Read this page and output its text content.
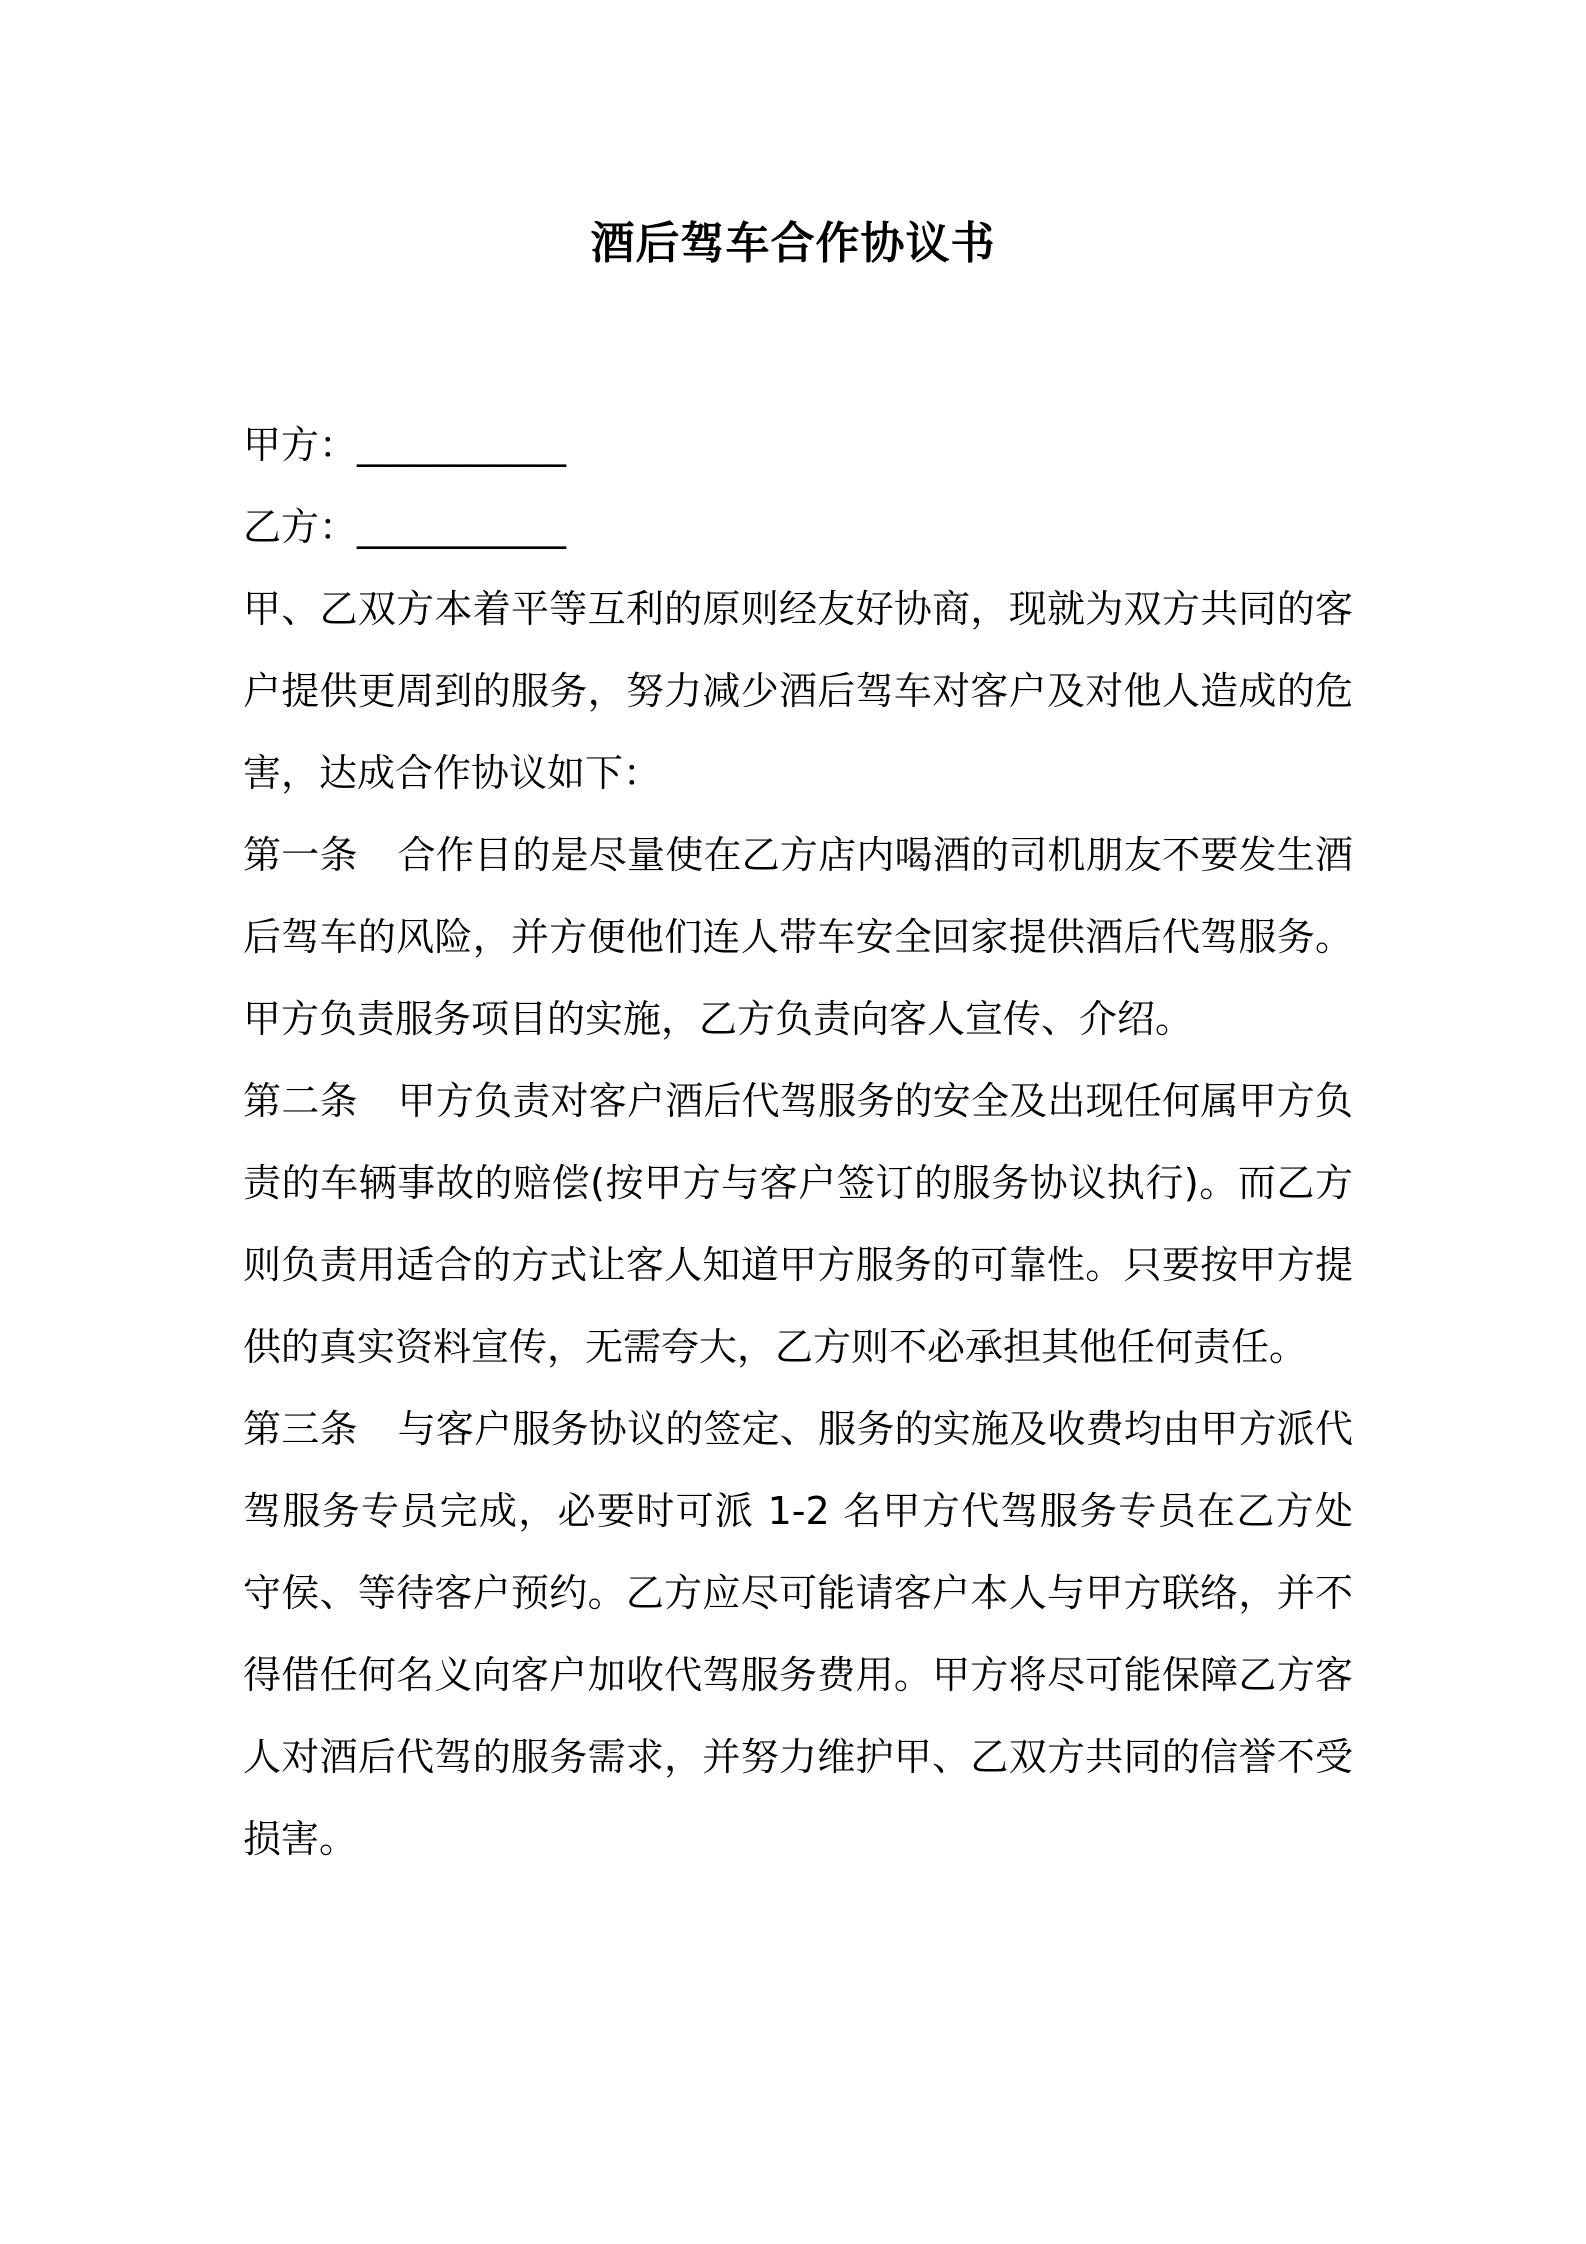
酒后驾车合作协议书

甲方：___________

乙方：___________

甲、乙双方本着平等互利的原则经友好协商，现就为双方共同的客户提供更周到的服务，努力减少酒后驾车对客户及对他人造成的危害，达成合作协议如下：

第一条 合作目的是尽量使在乙方店内喝酒的司机朋友不要发生酒后驾车的风险，并方便他们连人带车安全回家提供酒后代驾服务。甲方负责服务项目的实施，乙方负责向客人宣传、介绍。

第二条 甲方负责对客户酒后代驾服务的安全及出现任何属甲方负责的车辆事故的赔偿(按甲方与客户签订的服务协议执行)。而乙方则负责用适合的方式让客人知道甲方服务的可靠性。只要按甲方提供的真实资料宣传，无需夸大，乙方则不必承担其他任何责任。

第三条 与客户服务协议的签定、服务的实施及收费均由甲方派代驾服务专员完成，必要时可派 1-2 名甲方代驾服务专员在乙方处守侯、等待客户预约。乙方应尽可能请客户本人与甲方联络，并不得借任何名义向客户加收代驾服务费用。甲方将尽可能保障乙方客人对酒后代驾的服务需求，并努力维护甲、乙双方共同的信誉不受损害。
